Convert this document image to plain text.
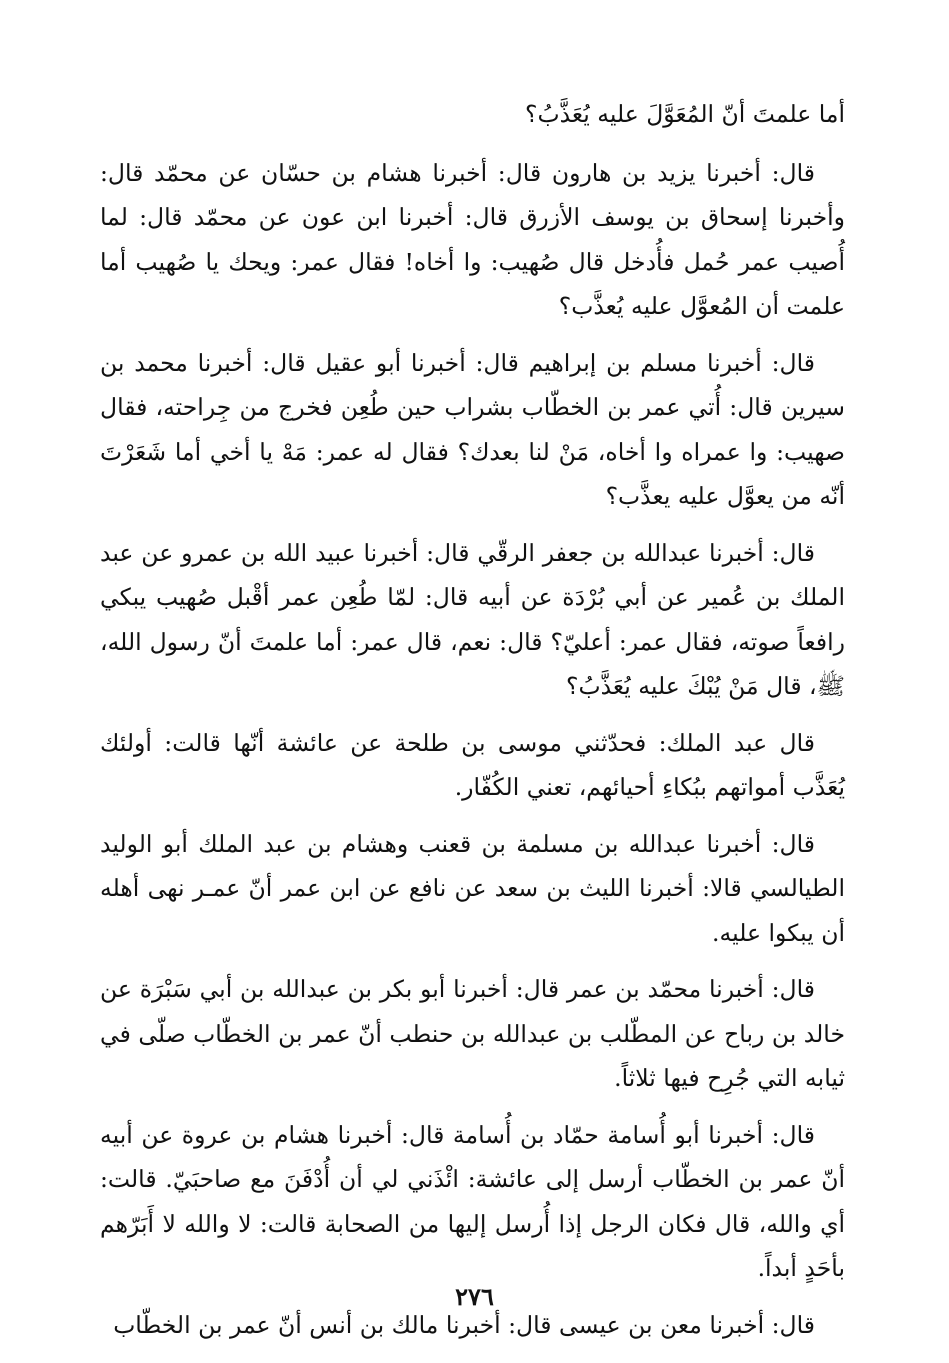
أما علمتَ أنّ المُعَوَّلَ عليه يُعَذَّبُ؟

قال: أخبرنا يزيد بن هارون قال: أخبرنا هشام بن حسّان عن محمّد قال: وأخبرنا إسحاق بن يوسف الأزرق قال: أخبرنا ابن عون عن محمّد قال: لما أُصيب عمر حُمل فأُدخل قال صُهيب: وا أخاه! فقال عمر: ويحك يا صُهيب أما علمت أن المُعوَّل عليه يُعذَّب؟

قال: أخبرنا مسلم بن إبراهيم قال: أخبرنا أبو عقيل قال: أخبرنا محمد بن سيرين قال: أُتي عمر بن الخطّاب بشراب حين طُعِن فخرج من جِراحته، فقال صهيب: وا عمراه وا أخاه، مَنْ لنا بعدك؟ فقال له عمر: مَهْ يا أخي أما شَعَرْتَ أنّه من يعوَّل عليه يعذَّب؟

قال: أخبرنا عبدالله بن جعفر الرقّي قال: أخبرنا عبيد الله بن عمرو عن عبد الملك بن عُمير عن أبي بُرْدَة عن أبيه قال: لمّا طُعِن عمر أقْبل صُهيب يبكي رافعاً صوته، فقال عمر: أعليّ؟ قال: نعم، قال عمر: أما علمتَ أنّ رسول الله، ﷺ، قال مَنْ يُبْكَ عليه يُعَذَّبُ؟

قال عبد الملك: فحدّثني موسى بن طلحة عن عائشة أنّها قالت: أولئك يُعَذَّب أمواتهم ببُكاءِ أحيائهم، تعني الكُفّار.

قال: أخبرنا عبدالله بن مسلمة بن قعنب وهشام بن عبد الملك أبو الوليد الطيالسي قالا: أخبرنا الليث بن سعد عن نافع عن ابن عمر أنّ عمـر نهى أهله أن يبكوا عليه.

قال: أخبرنا محمّد بن عمر قال: أخبرنا أبو بكر بن عبدالله بن أبي سَبْرَة عن خالد بن رباح عن المطّلب بن عبدالله بن حنطب أنّ عمر بن الخطّاب صلّى في ثيابه التي جُرِح فيها ثلاثاً.

قال: أخبرنا أبو أُسامة حمّاد بن أُسامة قال: أخبرنا هشام بن عروة عن أبيه أنّ عمر بن الخطّاب أرسل إلى عائشة: ائْذَني لي أن أُدْفَنَ مع صاحبَيّ. قالت: أي والله، قال فكان الرجل إذا أُرسل إليها من الصحابة قالت: لا والله لا أَبَرّهم بأحَدٍ أبداً.

قال: أخبرنا معن بن عيسى قال: أخبرنا مالك بن أنس أنّ عمر بن الخطّاب

٢٧٦
